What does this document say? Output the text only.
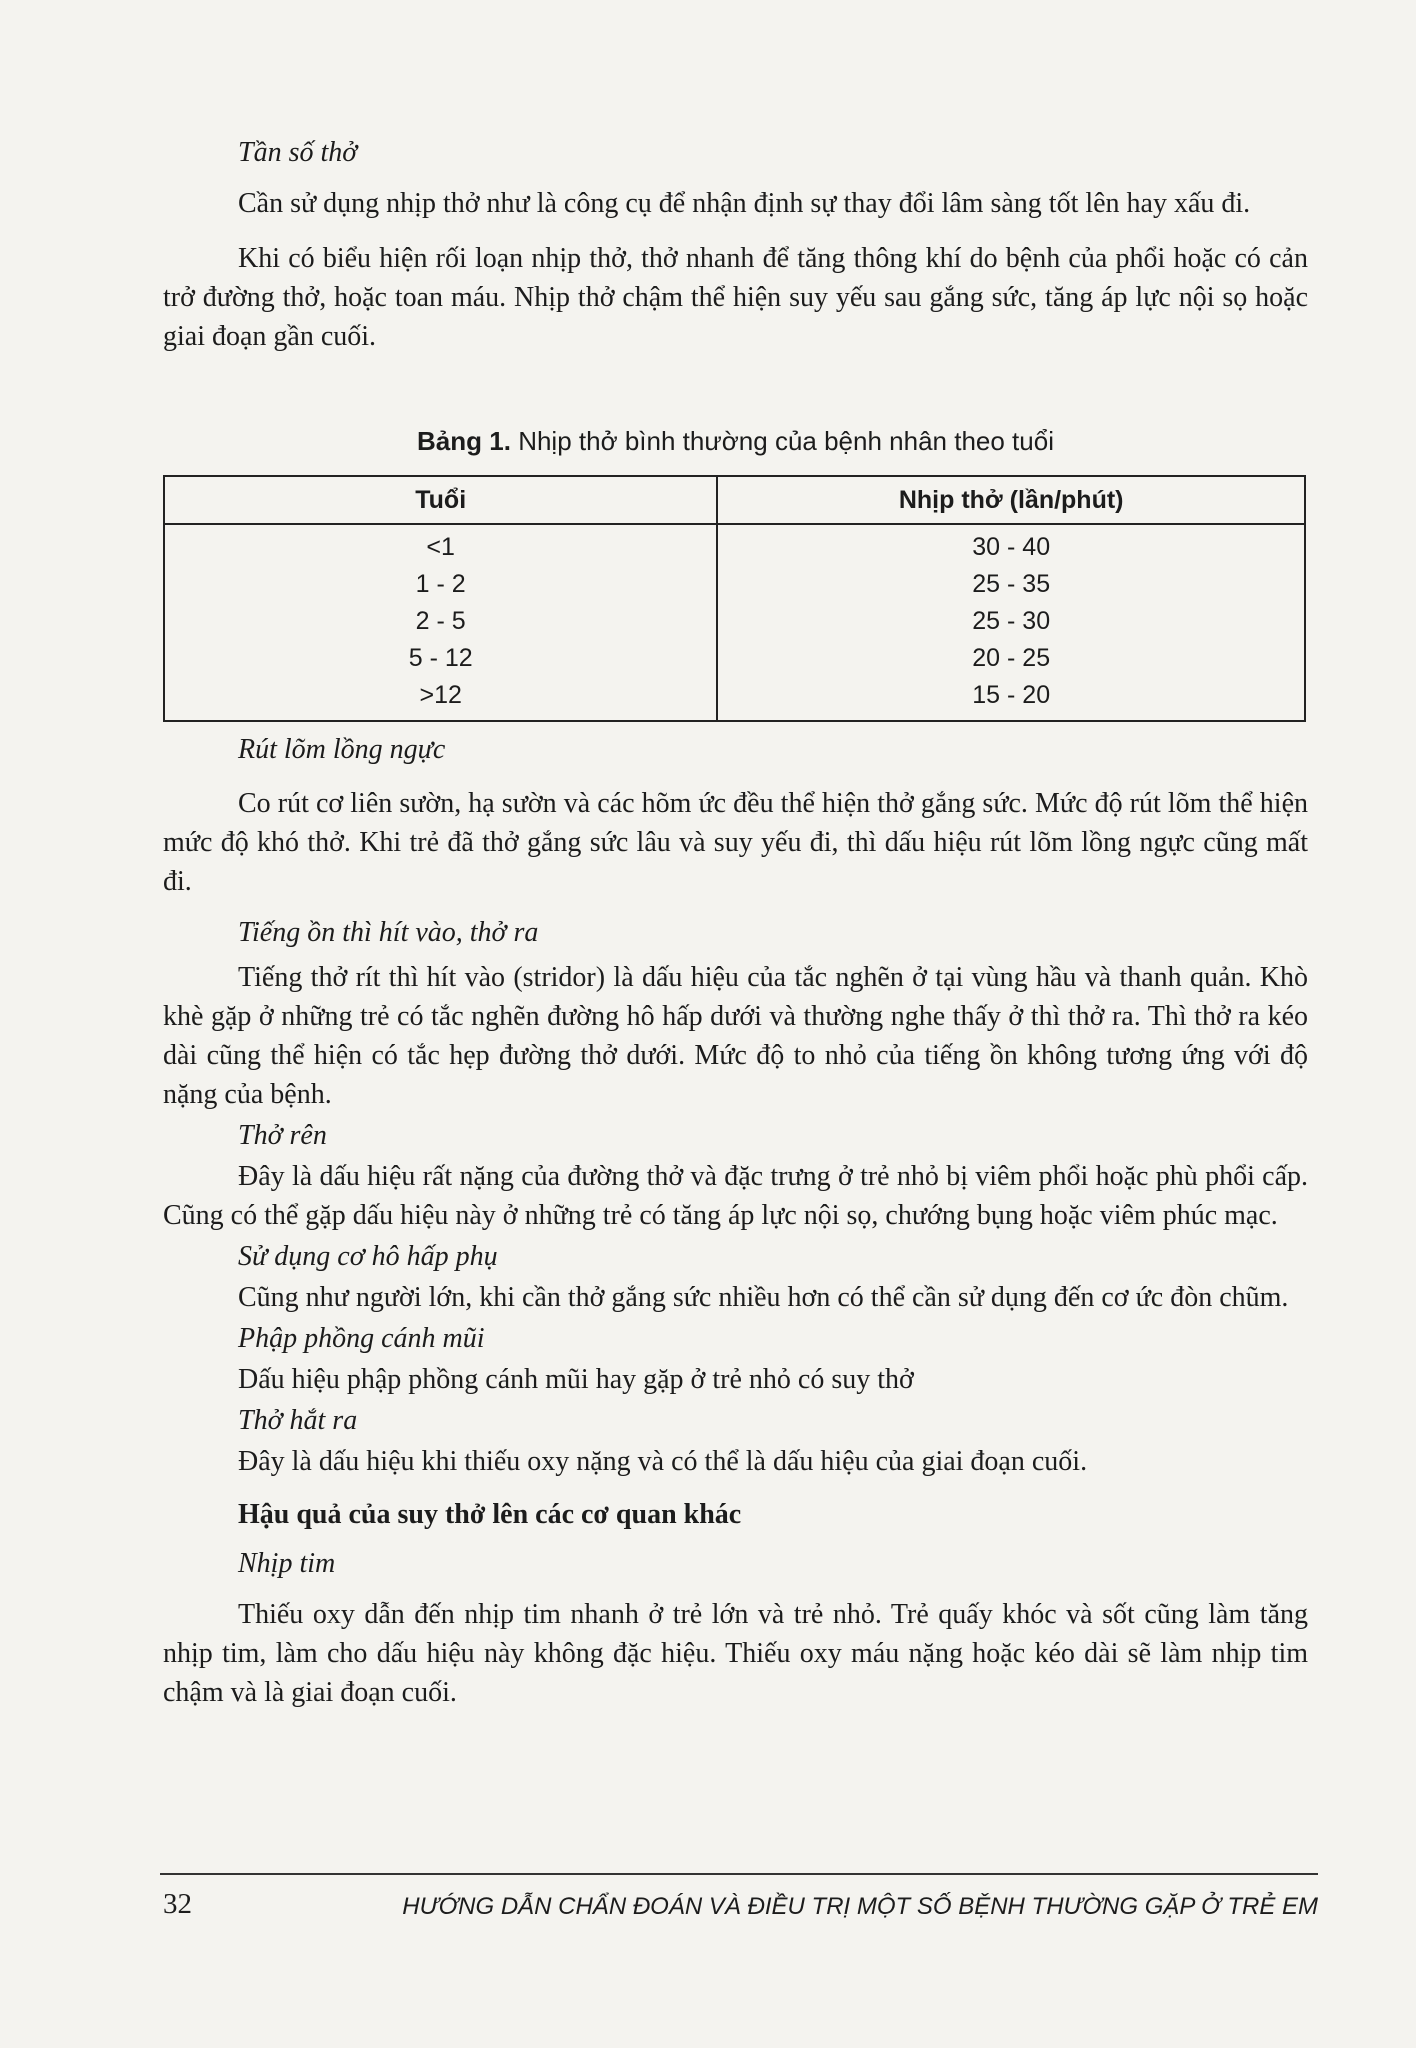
Tần số thở

Cần sử dụng nhịp thở như là công cụ để nhận định sự thay đổi lâm sàng tốt lên hay xấu đi.

Khi có biểu hiện rối loạn nhịp thở, thở nhanh để tăng thông khí do bệnh của phổi hoặc có cản trở đường thở, hoặc toan máu. Nhịp thở chậm thể hiện suy yếu sau gắng sức, tăng áp lực nội sọ hoặc giai đoạn gần cuối.

Bảng 1. Nhịp thở bình thường của bệnh nhân theo tuổi
Tuổi	Nhịp thở (lần/phút)
<1	30 - 40
1 - 2	25 - 35
2 - 5	25 - 30
5 - 12	20 - 25
>12	15 - 20

Rút lõm lồng ngực

Co rút cơ liên sườn, hạ sườn và các hõm ức đều thể hiện thở gắng sức. Mức độ rút lõm thể hiện mức độ khó thở. Khi trẻ đã thở gắng sức lâu và suy yếu đi, thì dấu hiệu rút lõm lồng ngực cũng mất đi.

Tiếng ồn thì hít vào, thở ra

Tiếng thở rít thì hít vào (stridor) là dấu hiệu của tắc nghẽn ở tại vùng hầu và thanh quản. Khò khè gặp ở những trẻ có tắc nghẽn đường hô hấp dưới và thường nghe thấy ở thì thở ra. Thì thở ra kéo dài cũng thể hiện có tắc hẹp đường thở dưới. Mức độ to nhỏ của tiếng ồn không tương ứng với độ nặng của bệnh.

Thở rên

Đây là dấu hiệu rất nặng của đường thở và đặc trưng ở trẻ nhỏ bị viêm phổi hoặc phù phổi cấp. Cũng có thể gặp dấu hiệu này ở những trẻ có tăng áp lực nội sọ, chướng bụng hoặc viêm phúc mạc.

Sử dụng cơ hô hấp phụ

Cũng như người lớn, khi cần thở gắng sức nhiều hơn có thể cần sử dụng đến cơ ức đòn chũm.

Phập phồng cánh mũi

Dấu hiệu phập phồng cánh mũi hay gặp ở trẻ nhỏ có suy thở

Thở hắt ra

Đây là dấu hiệu khi thiếu oxy nặng và có thể là dấu hiệu của giai đoạn cuối.

Hậu quả của suy thở lên các cơ quan khác

Nhịp tim

Thiếu oxy dẫn đến nhịp tim nhanh ở trẻ lớn và trẻ nhỏ. Trẻ quấy khóc và sốt cũng làm tăng nhịp tim, làm cho dấu hiệu này không đặc hiệu. Thiếu oxy máu nặng hoặc kéo dài sẽ làm nhịp tim chậm và là giai đoạn cuối.

32	HƯỚNG DẪN CHẨN ĐOÁN VÀ ĐIỀU TRỊ MỘT SỐ BỆNH THƯỜNG GẶP Ở TRẺ EM
